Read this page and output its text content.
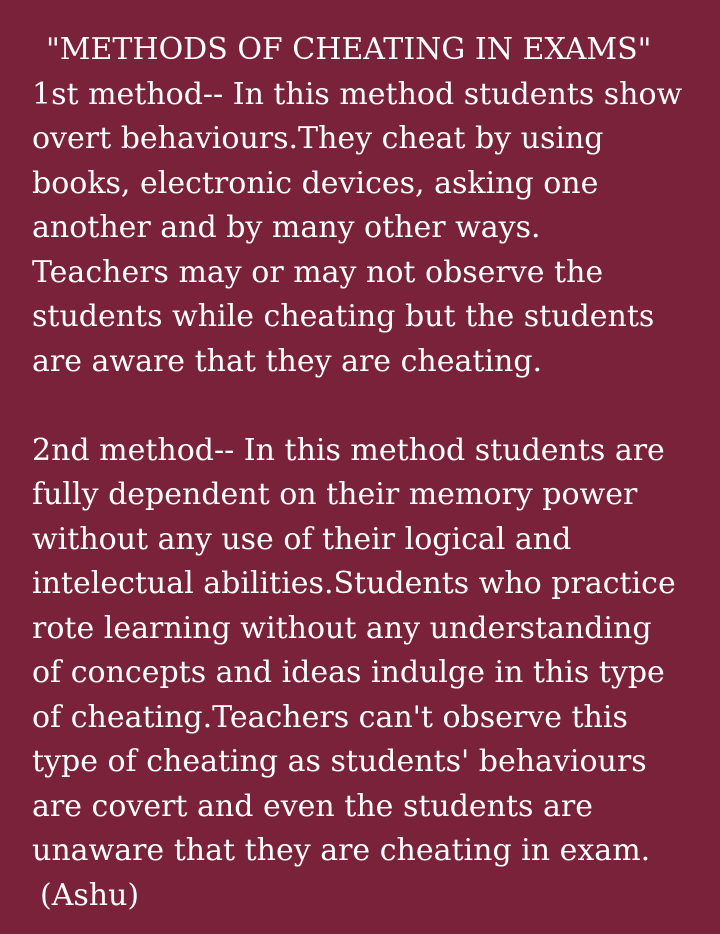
"METHODS OF CHEATING IN EXAMS"
1st method-- In this method students show
overt behaviours.They cheat by using
books, electronic devices, asking one
another and by many other ways.
Teachers may or may not observe the
students while cheating but the students
are aware that they are cheating.
2nd method-- In this method students are
fully dependent on their memory power
without any use of their logical and
intelectual abilities.Students who practice
rote learning without any understanding
of concepts and ideas indulge in this type
of cheating.Teachers can't observe this
type of cheating as students' behaviours
are covert and even the students are
unaware that they are cheating in exam.
(Ashu)
